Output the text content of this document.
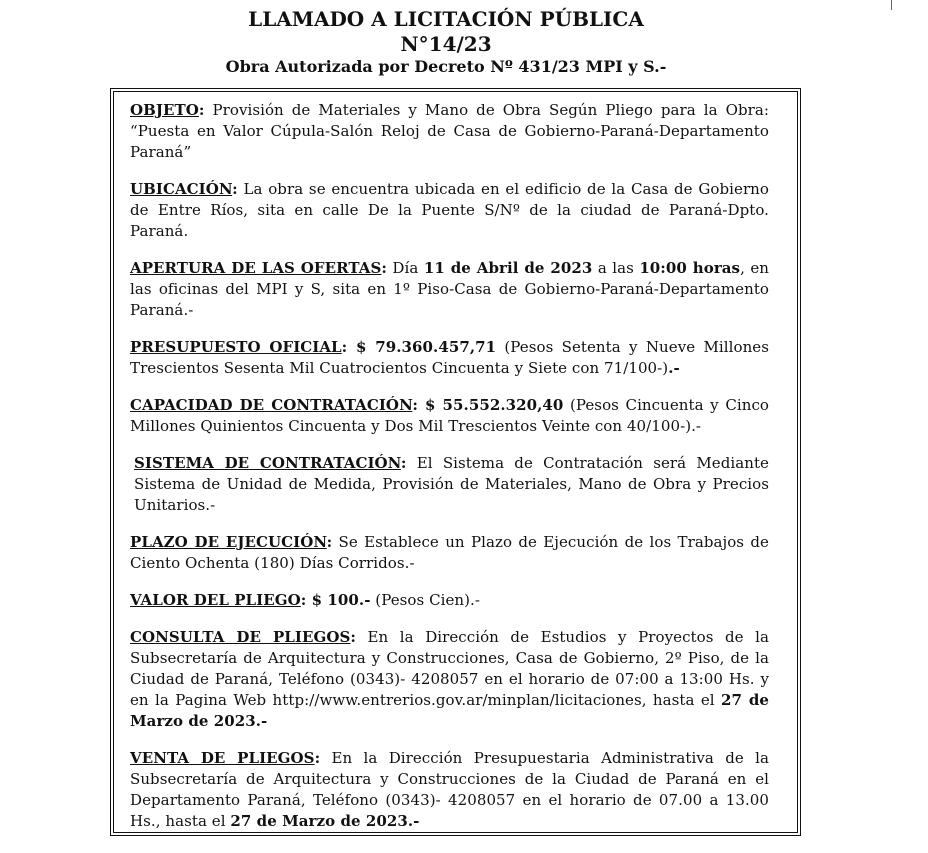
LLAMADO A LICITACIÓN PÚBLICA
N°14/23
Obra Autorizada por Decreto Nº 431/23 MPI y S.-

OBJETO: Provisión de Materiales y Mano de Obra Según Pliego para la Obra: “Puesta en Valor Cúpula-Salón Reloj de Casa de Gobierno-Paraná-Departamento Paraná”

UBICACIÓN: La obra se encuentra ubicada en el edificio de la Casa de Gobierno de Entre Ríos, sita en calle De la Puente S/Nº de la ciudad de Paraná-Dpto. Paraná.

APERTURA DE LAS OFERTAS: Día 11 de Abril de 2023 a las 10:00 horas, en las oficinas del MPI y S, sita en 1º Piso-Casa de Gobierno-Paraná-Departamento Paraná.-

PRESUPUESTO OFICIAL: $ 79.360.457,71 (Pesos Setenta y Nueve Millones Trescientos Sesenta Mil Cuatrocientos Cincuenta y Siete con 71/100-).-

CAPACIDAD DE CONTRATACIÓN: $ 55.552.320,40 (Pesos Cincuenta y Cinco Millones Quinientos Cincuenta y Dos Mil Trescientos Veinte con 40/100-).-

SISTEMA DE CONTRATACIÓN: El Sistema de Contratación será Mediante Sistema de Unidad de Medida, Provisión de Materiales, Mano de Obra y Precios Unitarios.-

PLAZO DE EJECUCIÓN: Se Establece un Plazo de Ejecución de los Trabajos de Ciento Ochenta (180) Días Corridos.-

VALOR DEL PLIEGO: $ 100.- (Pesos Cien).-

CONSULTA DE PLIEGOS: En la Dirección de Estudios y Proyectos de la Subsecretaría de Arquitectura y Construcciones, Casa de Gobierno, 2º Piso, de la Ciudad de Paraná, Teléfono (0343)- 4208057 en el horario de 07:00 a 13:00 Hs. y en la Pagina Web http://www.entrerios.gov.ar/minplan/licitaciones, hasta el 27 de Marzo de 2023.-

VENTA DE PLIEGOS: En la Dirección Presupuestaria Administrativa de la Subsecretaría de Arquitectura y Construcciones de la Ciudad de Paraná en el Departamento Paraná, Teléfono (0343)- 4208057 en el horario de 07.00 a 13.00 Hs., hasta el 27 de Marzo de 2023.-
